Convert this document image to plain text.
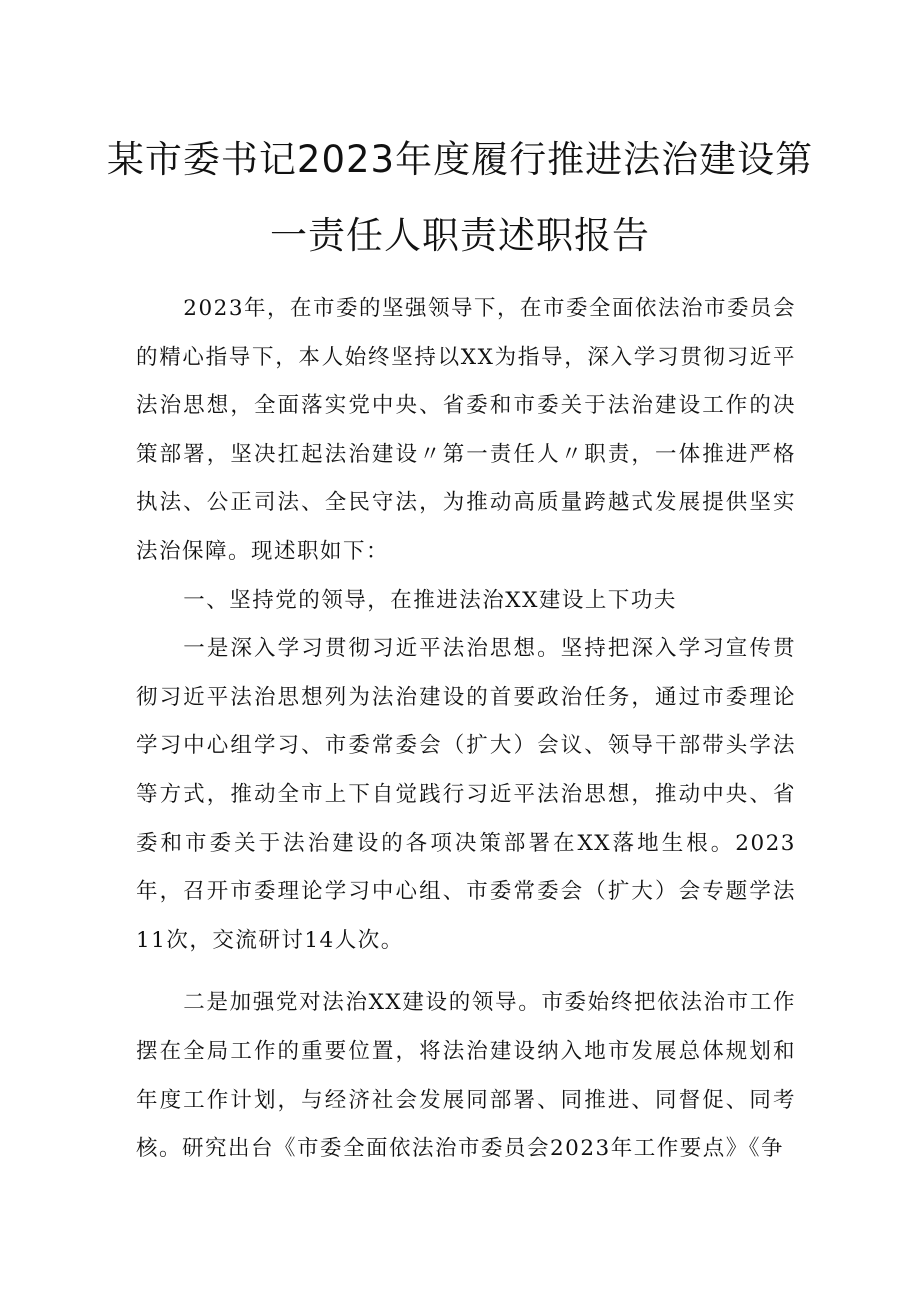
某市委书记2023年度履行推进法治建设第
一责任人职责述职报告

2023年，在市委的坚强领导下，在市委全面依法治市委员会的精心指导下，本人始终坚持以XX为指导，深入学习贯彻习近平法治思想，全面落实党中央、省委和市委关于法治建设工作的决策部署，坚决扛起法治建设〃第一责任人〃职责，一体推进严格执法、公正司法、全民守法，为推动高质量跨越式发展提供坚实法治保障。现述职如下：

一、坚持党的领导，在推进法治XX建设上下功夫

一是深入学习贯彻习近平法治思想。坚持把深入学习宣传贯彻习近平法治思想列为法治建设的首要政治任务，通过市委理论学习中心组学习、市委常委会（扩大）会议、领导干部带头学法等方式，推动全市上下自觉践行习近平法治思想，推动中央、省委和市委关于法治建设的各项决策部署在XX落地生根。2023年，召开市委理论学习中心组、市委常委会（扩大）会专题学法11次，交流研讨14人次。

二是加强党对法治XX建设的领导。市委始终把依法治市工作摆在全局工作的重要位置，将法治建设纳入地市发展总体规划和年度工作计划，与经济社会发展同部署、同推进、同督促、同考核。研究出台《市委全面依法治市委员会2023年工作要点》《争
